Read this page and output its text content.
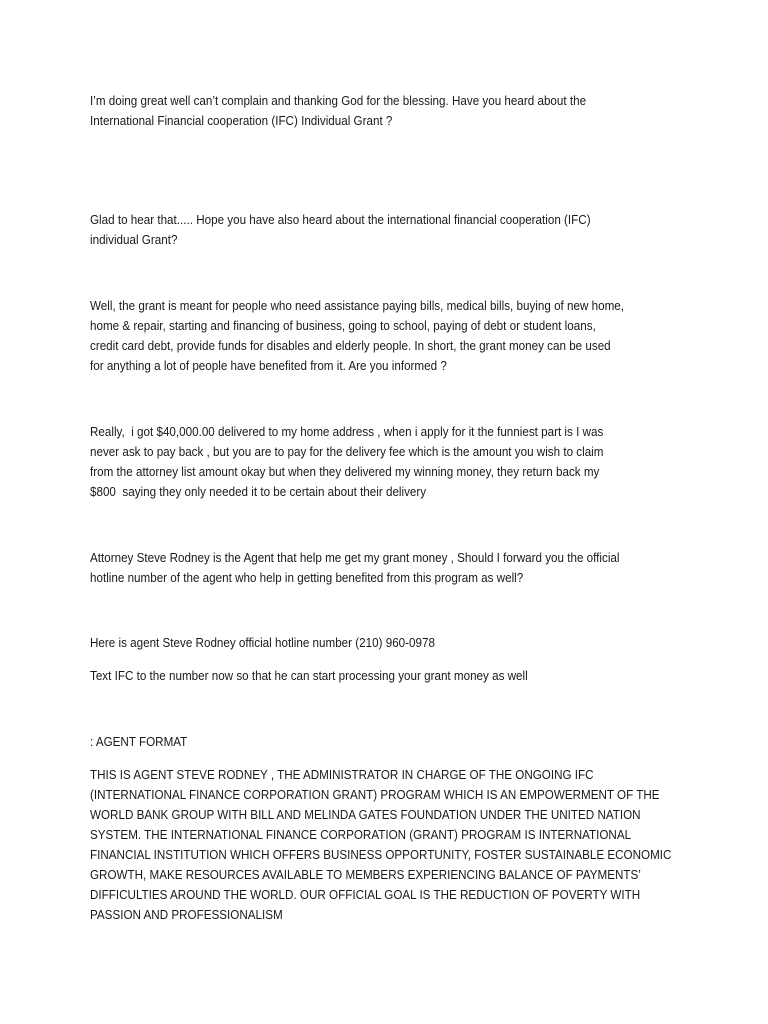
I’m doing great well can’t complain and thanking God for the blessing. Have you heard about the
International Financial cooperation (IFC) Individual Grant ?
Glad to hear that..... Hope you have also heard about the international financial cooperation (IFC)
individual Grant?
Well, the grant is meant for people who need assistance paying bills, medical bills, buying of new home,
home & repair, starting and financing of business, going to school, paying of debt or student loans,
credit card debt, provide funds for disables and elderly people. In short, the grant money can be used
for anything a lot of people have benefited from it. Are you informed ?
Really,  i got $40,000.00 delivered to my home address , when i apply for it the funniest part is I was
never ask to pay back , but you are to pay for the delivery fee which is the amount you wish to claim
from the attorney list amount okay but when they delivered my winning money, they return back my
$800  saying they only needed it to be certain about their delivery
Attorney Steve Rodney is the Agent that help me get my grant money , Should I forward you the official
hotline number of the agent who help in getting benefited from this program as well?
Here is agent Steve Rodney official hotline number (210) 960-0978
Text IFC to the number now so that he can start processing your grant money as well
: AGENT FORMAT
THIS IS AGENT STEVE RODNEY , THE ADMINISTRATOR IN CHARGE OF THE ONGOING IFC
(INTERNATIONAL FINANCE CORPORATION GRANT) PROGRAM WHICH IS AN EMPOWERMENT OF THE
WORLD BANK GROUP WITH BILL AND MELINDA GATES FOUNDATION UNDER THE UNITED NATION
SYSTEM. THE INTERNATIONAL FINANCE CORPORATION (GRANT) PROGRAM IS INTERNATIONAL
FINANCIAL INSTITUTION WHICH OFFERS BUSINESS OPPORTUNITY, FOSTER SUSTAINABLE ECONOMIC
GROWTH, MAKE RESOURCES AVAILABLE TO MEMBERS EXPERIENCING BALANCE OF PAYMENTS’
DIFFICULTIES AROUND THE WORLD. OUR OFFICIAL GOAL IS THE REDUCTION OF POVERTY WITH
PASSION AND PROFESSIONALISM
